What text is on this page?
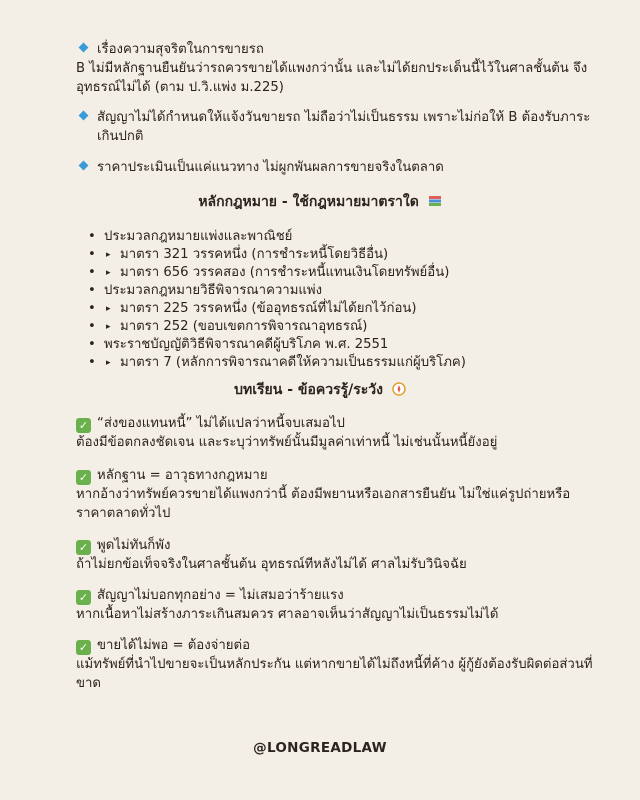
เรื่องความสุจริตในการขายรถ
B ไม่มีหลักฐานยืนยันว่ารถควรขายได้แพงกว่านั้น และไม่ได้ยกประเด็นนี้ไว้ในศาลชั้นต้น จึงอุทธรณ์ไม่ได้ (ตาม ป.วิ.แพ่ง ม.225)
สัญญาไม่ได้กำหนดให้แจ้งวันขายรถ ไม่ถือว่าไม่เป็นธรรม เพราะไม่ก่อให้ B ต้องรับภาระเกินปกติ
ราคาประเมินเป็นแค่แนวทาง ไม่ผูกพันผลการขายจริงในตลาด
หลักกฎหมาย - ใช้กฎหมายมาตราใด
• ประมวลกฎหมายแพ่งและพาณิชย์
• ▸ มาตรา 321 วรรคหนึ่ง (การชำระหนี้โดยวิธีอื่น)
• ▸ มาตรา 656 วรรคสอง (การชำระหนี้แทนเงินโดยทรัพย์อื่น)
• ประมวลกฎหมายวิธีพิจารณาความแพ่ง
• ▸ มาตรา 225 วรรคหนึ่ง (ข้ออุทธรณ์ที่ไม่ได้ยกไว้ก่อน)
• ▸ มาตรา 252 (ขอบเขตการพิจารณาอุทธรณ์)
• พระราชบัญญัติวิธีพิจารณาคดีผู้บริโภค พ.ศ. 2551
• ▸ มาตรา 7 (หลักการพิจารณาคดีให้ความเป็นธรรมแก่ผู้บริโภค)
บทเรียน - ข้อควรรู้/ระวัง
✓ “ส่งของแทนหนี้” ไม่ได้แปลว่าหนี้จบเสมอไป
ต้องมีข้อตกลงชัดเจน และระบุว่าทรัพย์นั้นมีมูลค่าเท่าหนี้ ไม่เช่นนั้นหนี้ยังอยู่
✓ หลักฐาน = อาวุธทางกฎหมาย
หากอ้างว่าทรัพย์ควรขายได้แพงกว่านี้ ต้องมีพยานหรือเอกสารยืนยัน ไม่ใช่แค่รูปถ่ายหรือราคาตลาดทั่วไป
✓ พูดไม่ทันก็พัง
ถ้าไม่ยกข้อเท็จจริงในศาลชั้นต้น อุทธรณ์ทีหลังไม่ได้ ศาลไม่รับวินิจฉัย
✓ สัญญาไม่บอกทุกอย่าง = ไม่เสมอว่าร้ายแรง
หากเนื้อหาไม่สร้างภาระเกินสมควร ศาลอาจเห็นว่าสัญญาไม่เป็นธรรมไม่ได้
✓ ขายได้ไม่พอ = ต้องจ่ายต่อ
แม้ทรัพย์ที่นำไปขายจะเป็นหลักประกัน แต่หากขายได้ไม่ถึงหนี้ที่ค้าง ผู้กู้ยังต้องรับผิดต่อส่วนที่ขาด
@LONGREADLAW
